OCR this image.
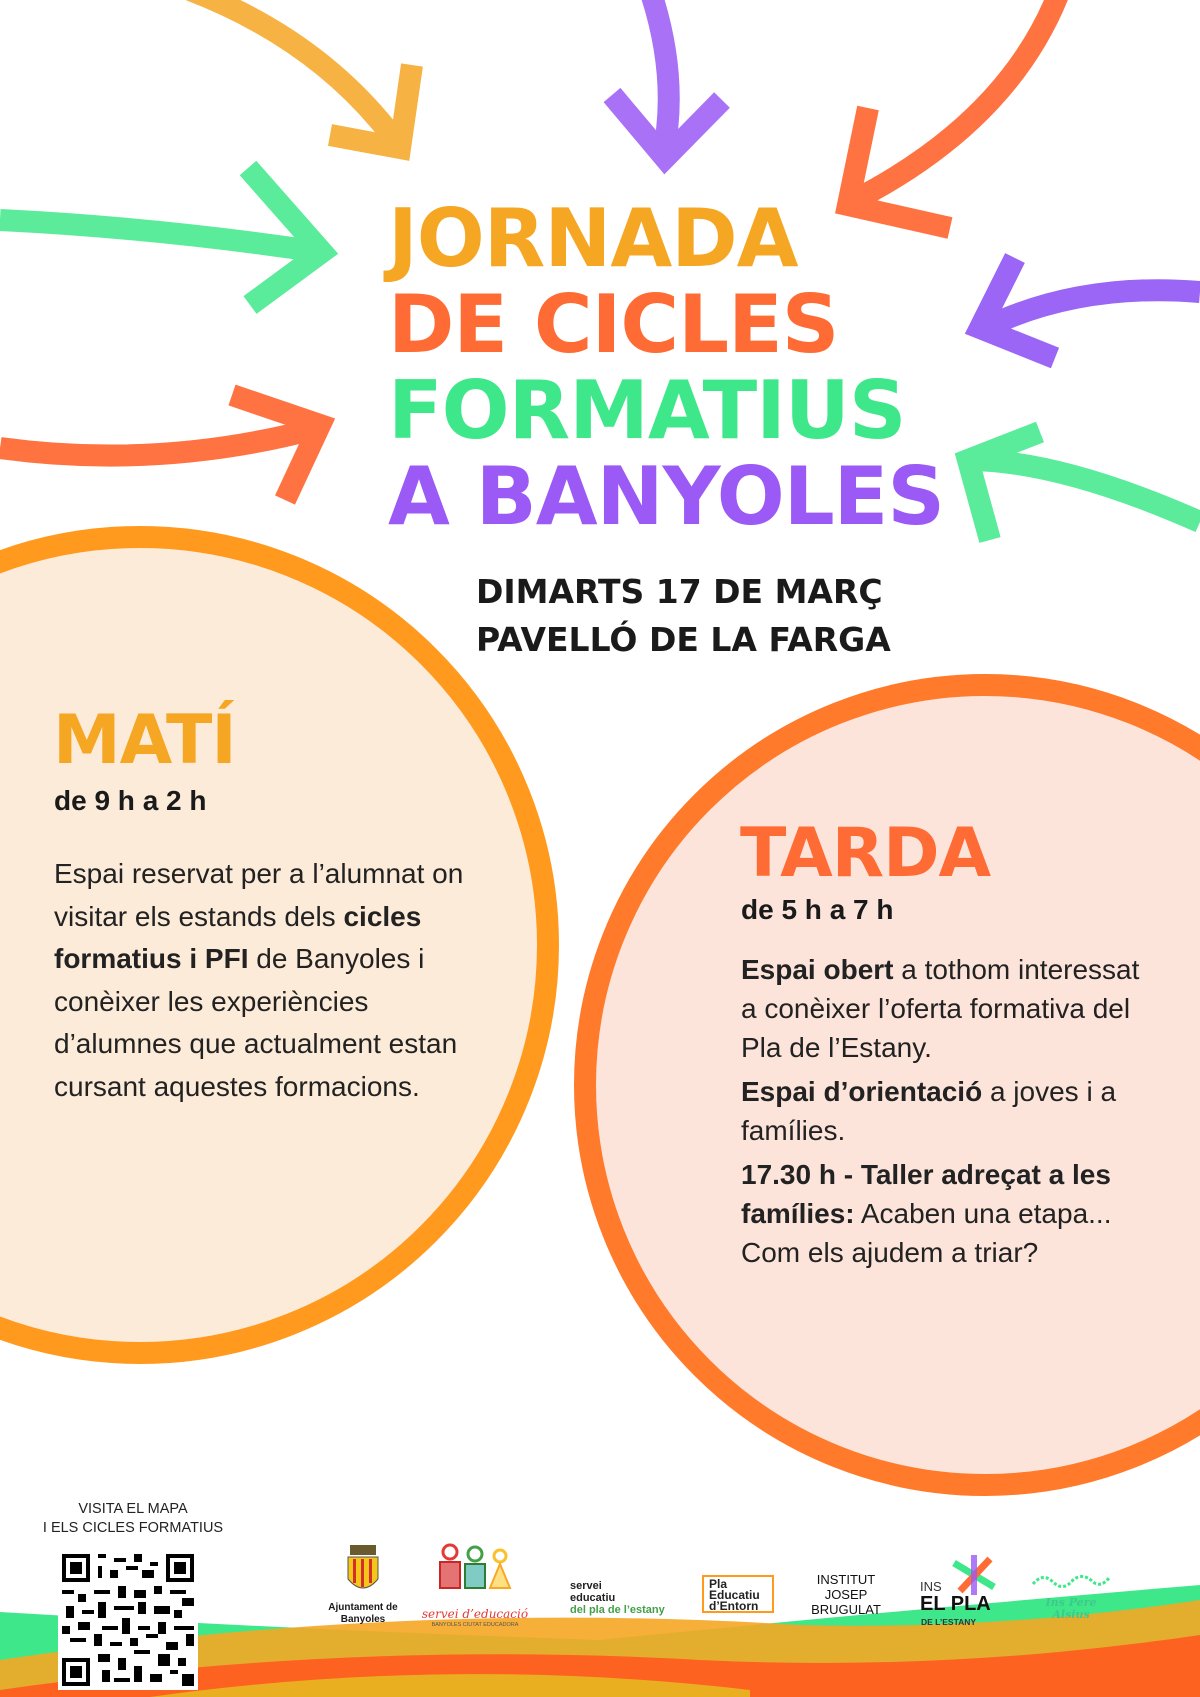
JORNADA
DE CICLES
FORMATIUS
A BANYOLES
DIMARTS 17 DE MARÇ
PAVELLÓ DE LA FARGA
MATÍ
de 9 h a 2 h

Espai reservat per a l’alumnat on visitar els estands dels cicles formatius i PFI de Banyoles i conèixer les experiències d’alumnes que actualment estan cursant aquestes formacions.

TARDA
de 5 h a 7 h

Espai obert a tothom interessat a conèixer l’oferta formativa del Pla de l’Estany.

Espai d’orientació a joves i a famílies.

17.30 h - Taller adreçat a les famílies: Acaben una etapa... Com els ajudem a triar?

VISITA EL MAPA
I ELS CICLES FORMATIUS
Ajuntament de Banyoles	servei d’educació
BANYOLES CIUTAT EDUCADORA
servei
educatiu
del pla de l’estany
Pla
Educatiu
d’Entorn
INSTITUT
JOSEP
BRUGULAT
INS
EL PLA
DE L’ESTANY
Ins Pere Alsius
